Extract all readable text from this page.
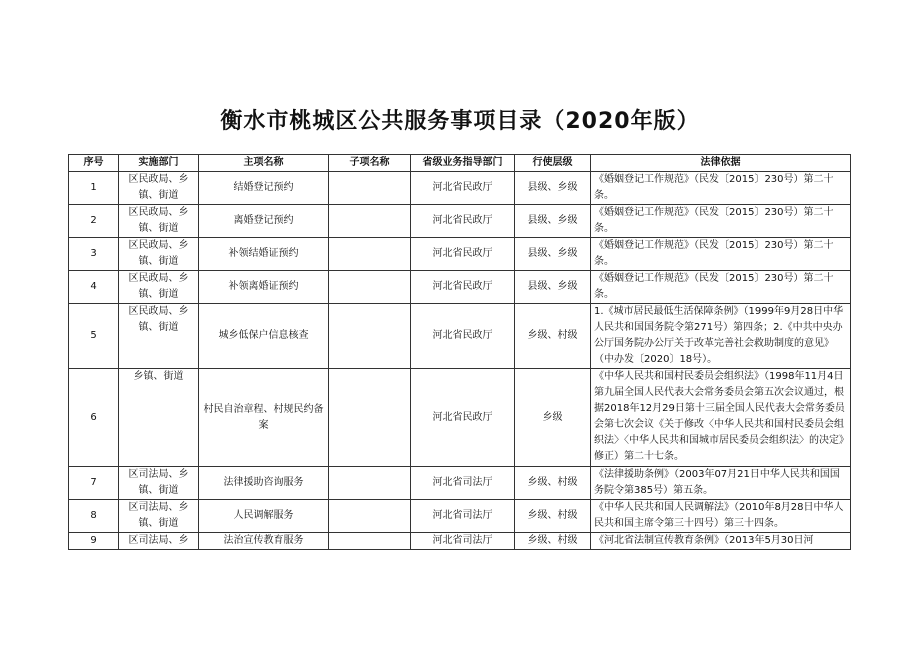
衡水市桃城区公共服务事项目录（2020年版）
序号	实施部门	主项名称	子项名称	省级业务指导部门	行使层级	法律依据
1	区民政局、乡镇、街道	结婚登记预约		河北省民政厅	县级、乡级	《婚姻登记工作规范》（民发〔2015〕230号）第二十条。
2	区民政局、乡镇、街道	离婚登记预约		河北省民政厅	县级、乡级	《婚姻登记工作规范》（民发〔2015〕230号）第二十条。
3	区民政局、乡镇、街道	补领结婚证预约		河北省民政厅	县级、乡级	《婚姻登记工作规范》（民发〔2015〕230号）第二十条。
4	区民政局、乡镇、街道	补领离婚证预约		河北省民政厅	县级、乡级	《婚姻登记工作规范》（民发〔2015〕230号）第二十条。
5	区民政局、乡镇、街道	城乡低保户信息核查		河北省民政厅	乡级、村级	1.《城市居民最低生活保障条例》（1999年9月28日中华人民共和国国务院令第271号）第四条；2.《中共中央办公厅国务院办公厅关于改革完善社会救助制度的意见》（中办发〔2020〕18号）。
6	乡镇、街道	村民自治章程、村规民约备案		河北省民政厅	乡级	《中华人民共和国村民委员会组织法》（1998年11月4日第九届全国人民代表大会常务委员会第五次会议通过，根据2018年12月29日第十三届全国人民代表大会常务委员会第七次会议《关于修改〈中华人民共和国村民委员会组织法〉〈中华人民共和国城市居民委员会组织法〉的决定》修正）第二十七条。
7	区司法局、乡镇、街道	法律援助咨询服务		河北省司法厅	乡级、村级	《法律援助条例》（2003年07月21日中华人民共和国国务院令第385号）第五条。
8	区司法局、乡镇、街道	人民调解服务		河北省司法厅	乡级、村级	《中华人民共和国人民调解法》（2010年8月28日中华人民共和国主席令第三十四号）第三十四条。
9	区司法局、乡	法治宣传教育服务		河北省司法厅	乡级、村级	《河北省法制宣传教育条例》（2013年5月30日河
